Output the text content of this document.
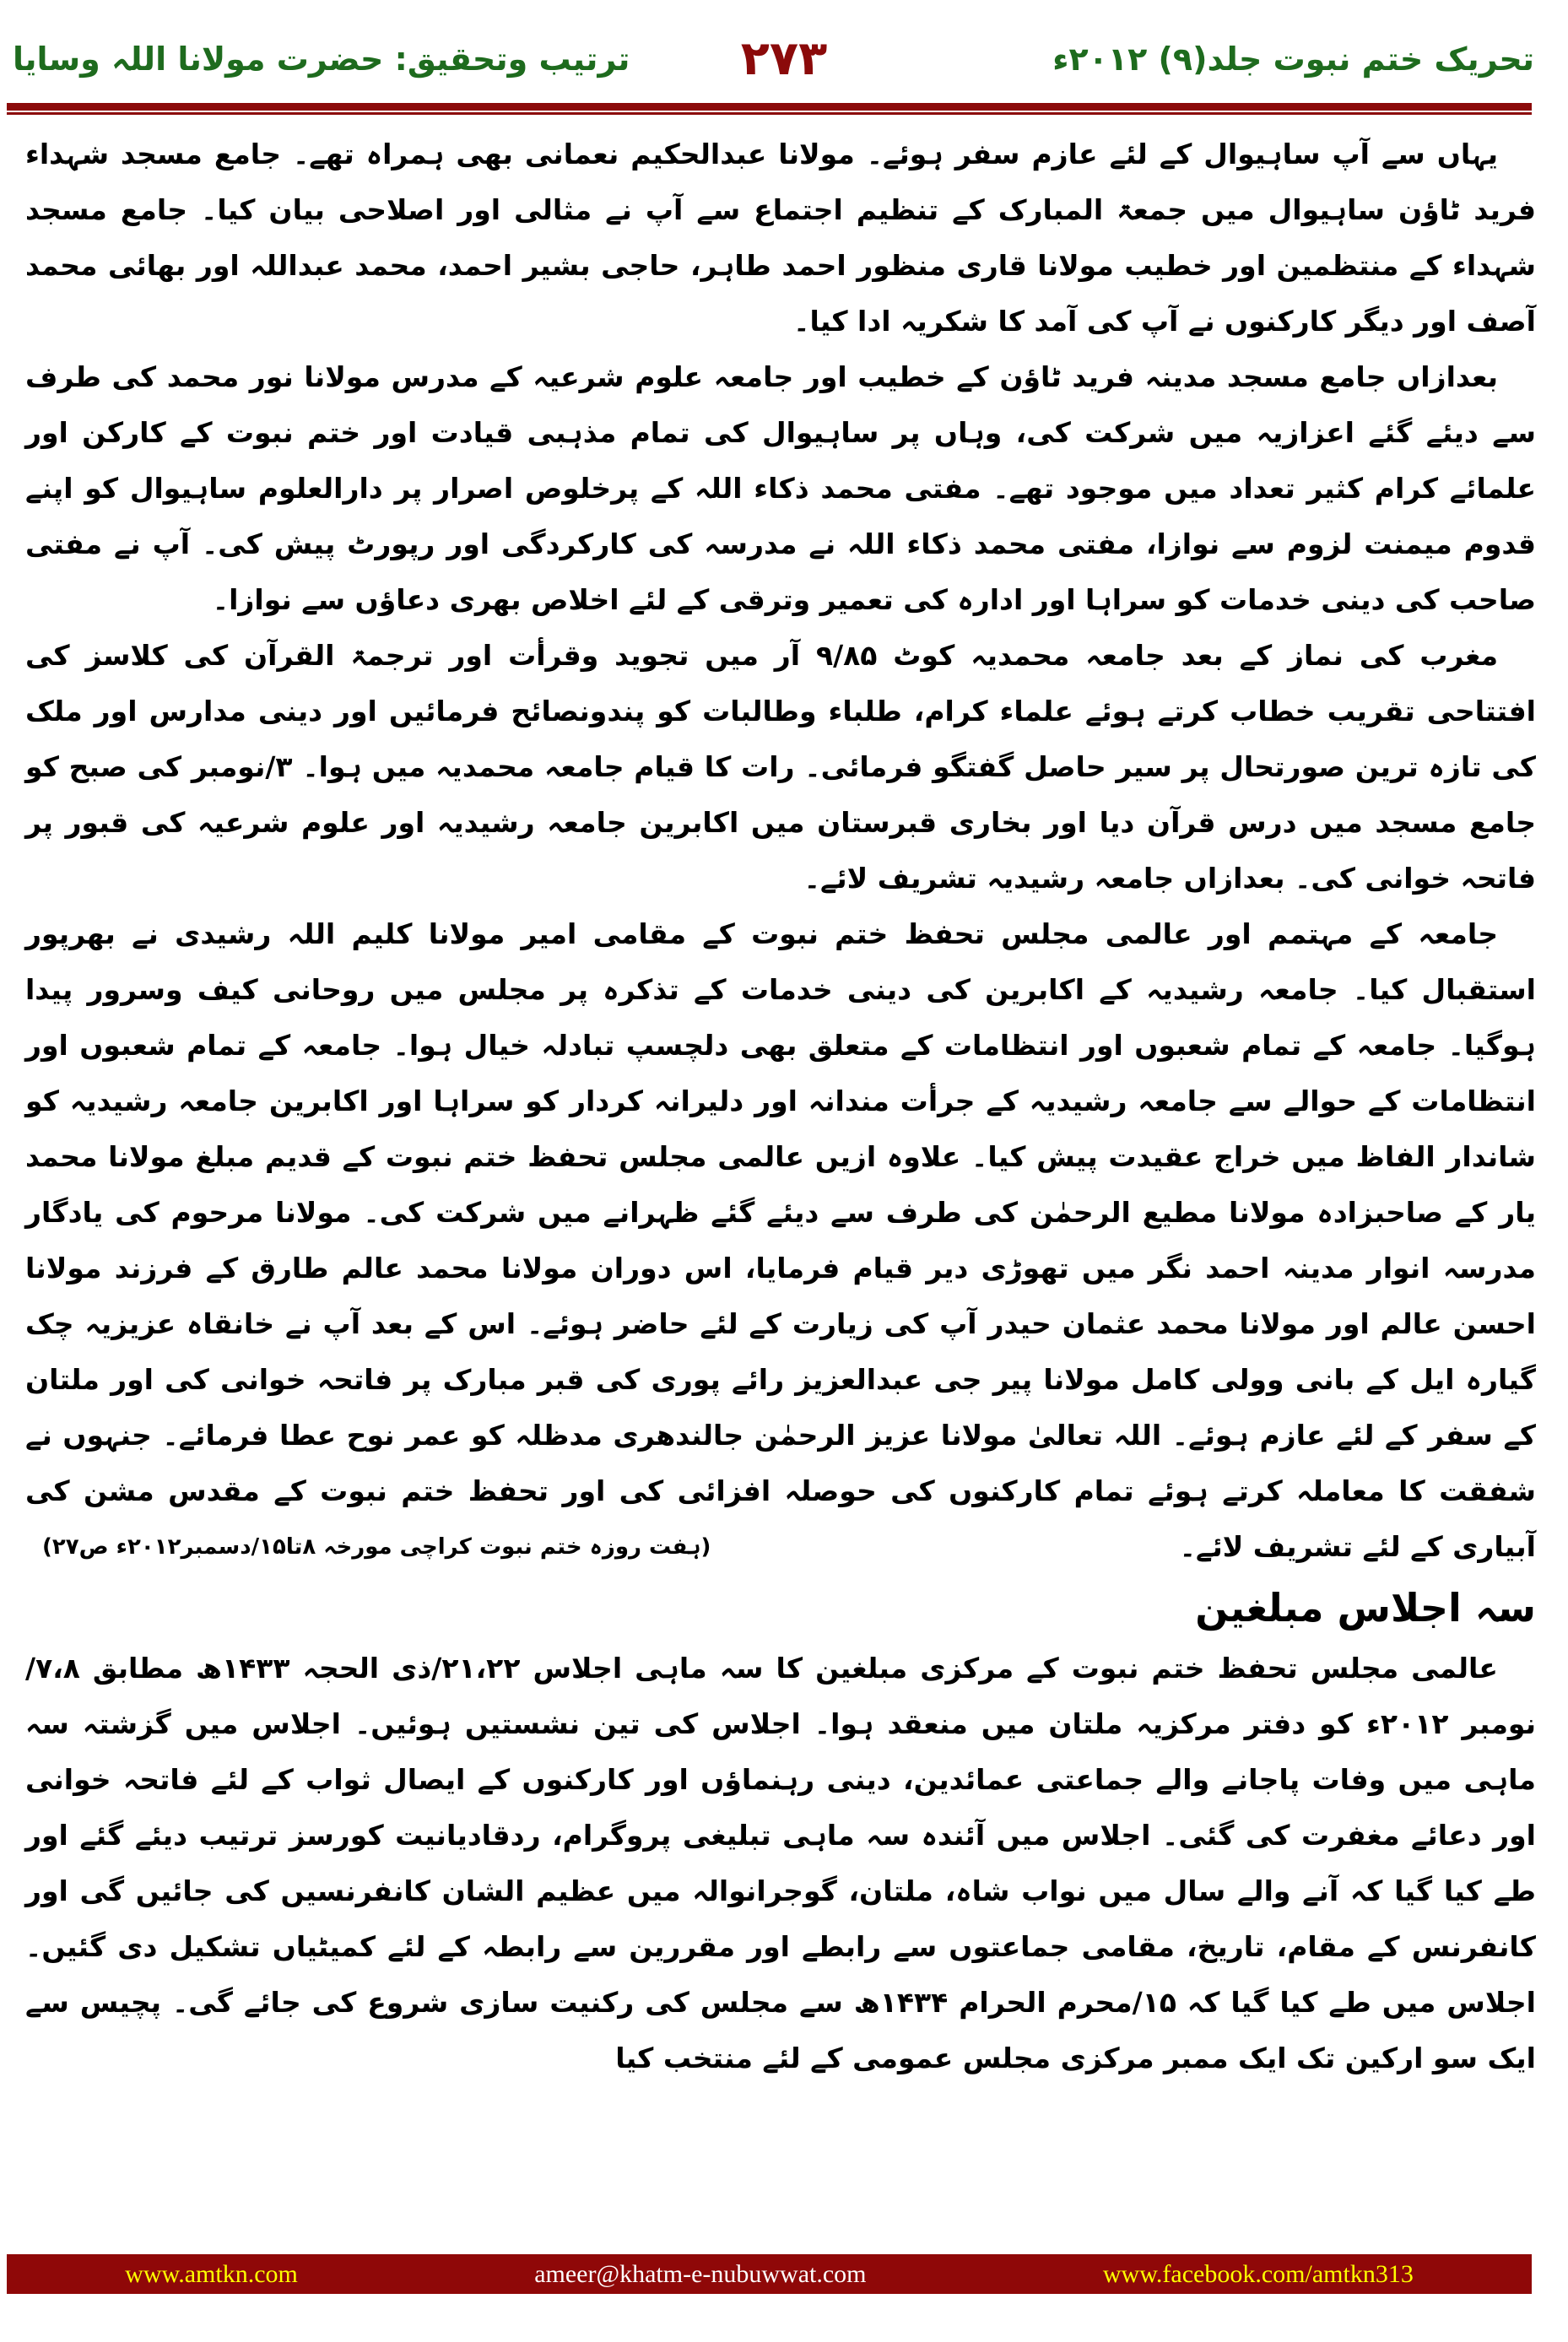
تحریک ختم نبوت جلد(۹) ۲۰۱۲ء
۲۷۳
ترتیب وتحقیق: حضرت مولانا اللہ وسایا

یہاں سے آپ ساہیوال کے لئے عازم سفر ہوئے۔ مولانا عبدالحکیم نعمانی بھی ہمراہ تھے۔ جامع مسجد شہداء فرید ٹاؤن ساہیوال میں جمعۃ المبارک کے تنظیم اجتماع سے آپ نے مثالی اور اصلاحی بیان کیا۔ جامع مسجد شہداء کے منتظمین اور خطیب مولانا قاری منظور احمد طاہر، حاجی بشیر احمد، محمد عبداللہ اور بھائی محمد آصف اور دیگر کارکنوں نے آپ کی آمد کا شکریہ ادا کیا۔

بعدازاں جامع مسجد مدینہ فرید ٹاؤن کے خطیب اور جامعہ علوم شرعیہ کے مدرس مولانا نور محمد کی طرف سے دیئے گئے اعزازیہ میں شرکت کی، وہاں پر ساہیوال کی تمام مذہبی قیادت اور ختم نبوت کے کارکن اور علمائے کرام کثیر تعداد میں موجود تھے۔ مفتی محمد ذکاء اللہ کے پرخلوص اصرار پر دارالعلوم ساہیوال کو اپنے قدوم میمنت لزوم سے نوازا، مفتی محمد ذکاء اللہ نے مدرسہ کی کارکردگی اور رپورٹ پیش کی۔ آپ نے مفتی صاحب کی دینی خدمات کو سراہا اور ادارہ کی تعمیر وترقی کے لئے اخلاص بھری دعاؤں سے نوازا۔

مغرب کی نماز کے بعد جامعہ محمدیہ کوٹ ۹/۸۵ آر میں تجوید وقرأت اور ترجمۃ القرآن کی کلاسز کی افتتاحی تقریب خطاب کرتے ہوئے علماء کرام، طلباء وطالبات کو پندونصائح فرمائیں اور دینی مدارس اور ملک کی تازہ ترین صورتحال پر سیر حاصل گفتگو فرمائی۔ رات کا قیام جامعہ محمدیہ میں ہوا۔ ۳/نومبر کی صبح کو جامع مسجد میں درس قرآن دیا اور بخاری قبرستان میں اکابرین جامعہ رشیدیہ اور علوم شرعیہ کی قبور پر فاتحہ خوانی کی۔ بعدازاں جامعہ رشیدیہ تشریف لائے۔

جامعہ کے مہتمم اور عالمی مجلس تحفظ ختم نبوت کے مقامی امیر مولانا کلیم اللہ رشیدی نے بھرپور استقبال کیا۔ جامعہ رشیدیہ کے اکابرین کی دینی خدمات کے تذکرہ پر مجلس میں روحانی کیف وسرور پیدا ہوگیا۔ جامعہ کے تمام شعبوں اور انتظامات کے متعلق بھی دلچسپ تبادلہ خیال ہوا۔ جامعہ کے تمام شعبوں اور انتظامات کے حوالے سے جامعہ رشیدیہ کے جرأت مندانہ اور دلیرانہ کردار کو سراہا اور اکابرین جامعہ رشیدیہ کو شاندار الفاظ میں خراج عقیدت پیش کیا۔ علاوہ ازیں عالمی مجلس تحفظ ختم نبوت کے قدیم مبلغ مولانا محمد یار کے صاحبزادہ مولانا مطیع الرحمٰن کی طرف سے دیئے گئے ظہرانے میں شرکت کی۔ مولانا مرحوم کی یادگار مدرسہ انوار مدینہ احمد نگر میں تھوڑی دیر قیام فرمایا، اس دوران مولانا محمد عالم طارق کے فرزند مولانا احسن عالم اور مولانا محمد عثمان حیدر آپ کی زیارت کے لئے حاضر ہوئے۔ اس کے بعد آپ نے خانقاہ عزیزیہ چک گیارہ ایل کے بانی وولی کامل مولانا پیر جی عبدالعزیز رائے پوری کی قبر مبارک پر فاتحہ خوانی کی اور ملتان کے سفر کے لئے عازم ہوئے۔ اللہ تعالیٰ مولانا عزیز الرحمٰن جالندھری مدظلہ کو عمر نوح عطا فرمائے۔ جنہوں نے شفقت کا معاملہ کرتے ہوئے تمام کارکنوں کی حوصلہ افزائی کی اور تحفظ ختم نبوت کے مقدس مشن کی آبیاری کے لئے تشریف لائے۔
(ہفت روزہ ختم نبوت کراچی مورخہ ۸تا۱۵/دسمبر۲۰۱۲ء ص۲۷)

سہ اجلاس مبلغین

عالمی مجلس تحفظ ختم نبوت کے مرکزی مبلغین کا سہ ماہی اجلاس ۲۱،۲۲/ذی الحجہ ۱۴۳۳ھ مطابق ۷،۸/نومبر ۲۰۱۲ء کو دفتر مرکزیہ ملتان میں منعقد ہوا۔ اجلاس کی تین نشستیں ہوئیں۔ اجلاس میں گزشتہ سہ ماہی میں وفات پاجانے والے جماعتی عمائدین، دینی رہنماؤں اور کارکنوں کے ایصال ثواب کے لئے فاتحہ خوانی اور دعائے مغفرت کی گئی۔ اجلاس میں آئندہ سہ ماہی تبلیغی پروگرام، ردقادیانیت کورسز ترتیب دیئے گئے اور طے کیا گیا کہ آنے والے سال میں نواب شاہ، ملتان، گوجرانوالہ میں عظیم الشان کانفرنسیں کی جائیں گی اور کانفرنس کے مقام، تاریخ، مقامی جماعتوں سے رابطے اور مقررین سے رابطہ کے لئے کمیٹیاں تشکیل دی گئیں۔ اجلاس میں طے کیا گیا کہ ۱۵/محرم الحرام ۱۴۳۴ھ سے مجلس کی رکنیت سازی شروع کی جائے گی۔ پچیس سے ایک سو ارکین تک ایک ممبر مرکزی مجلس عمومی کے لئے منتخب کیا

www.amtkn.com	ameer@khatm-e-nubuwwat.com	www.facebook.com/amtkn313
